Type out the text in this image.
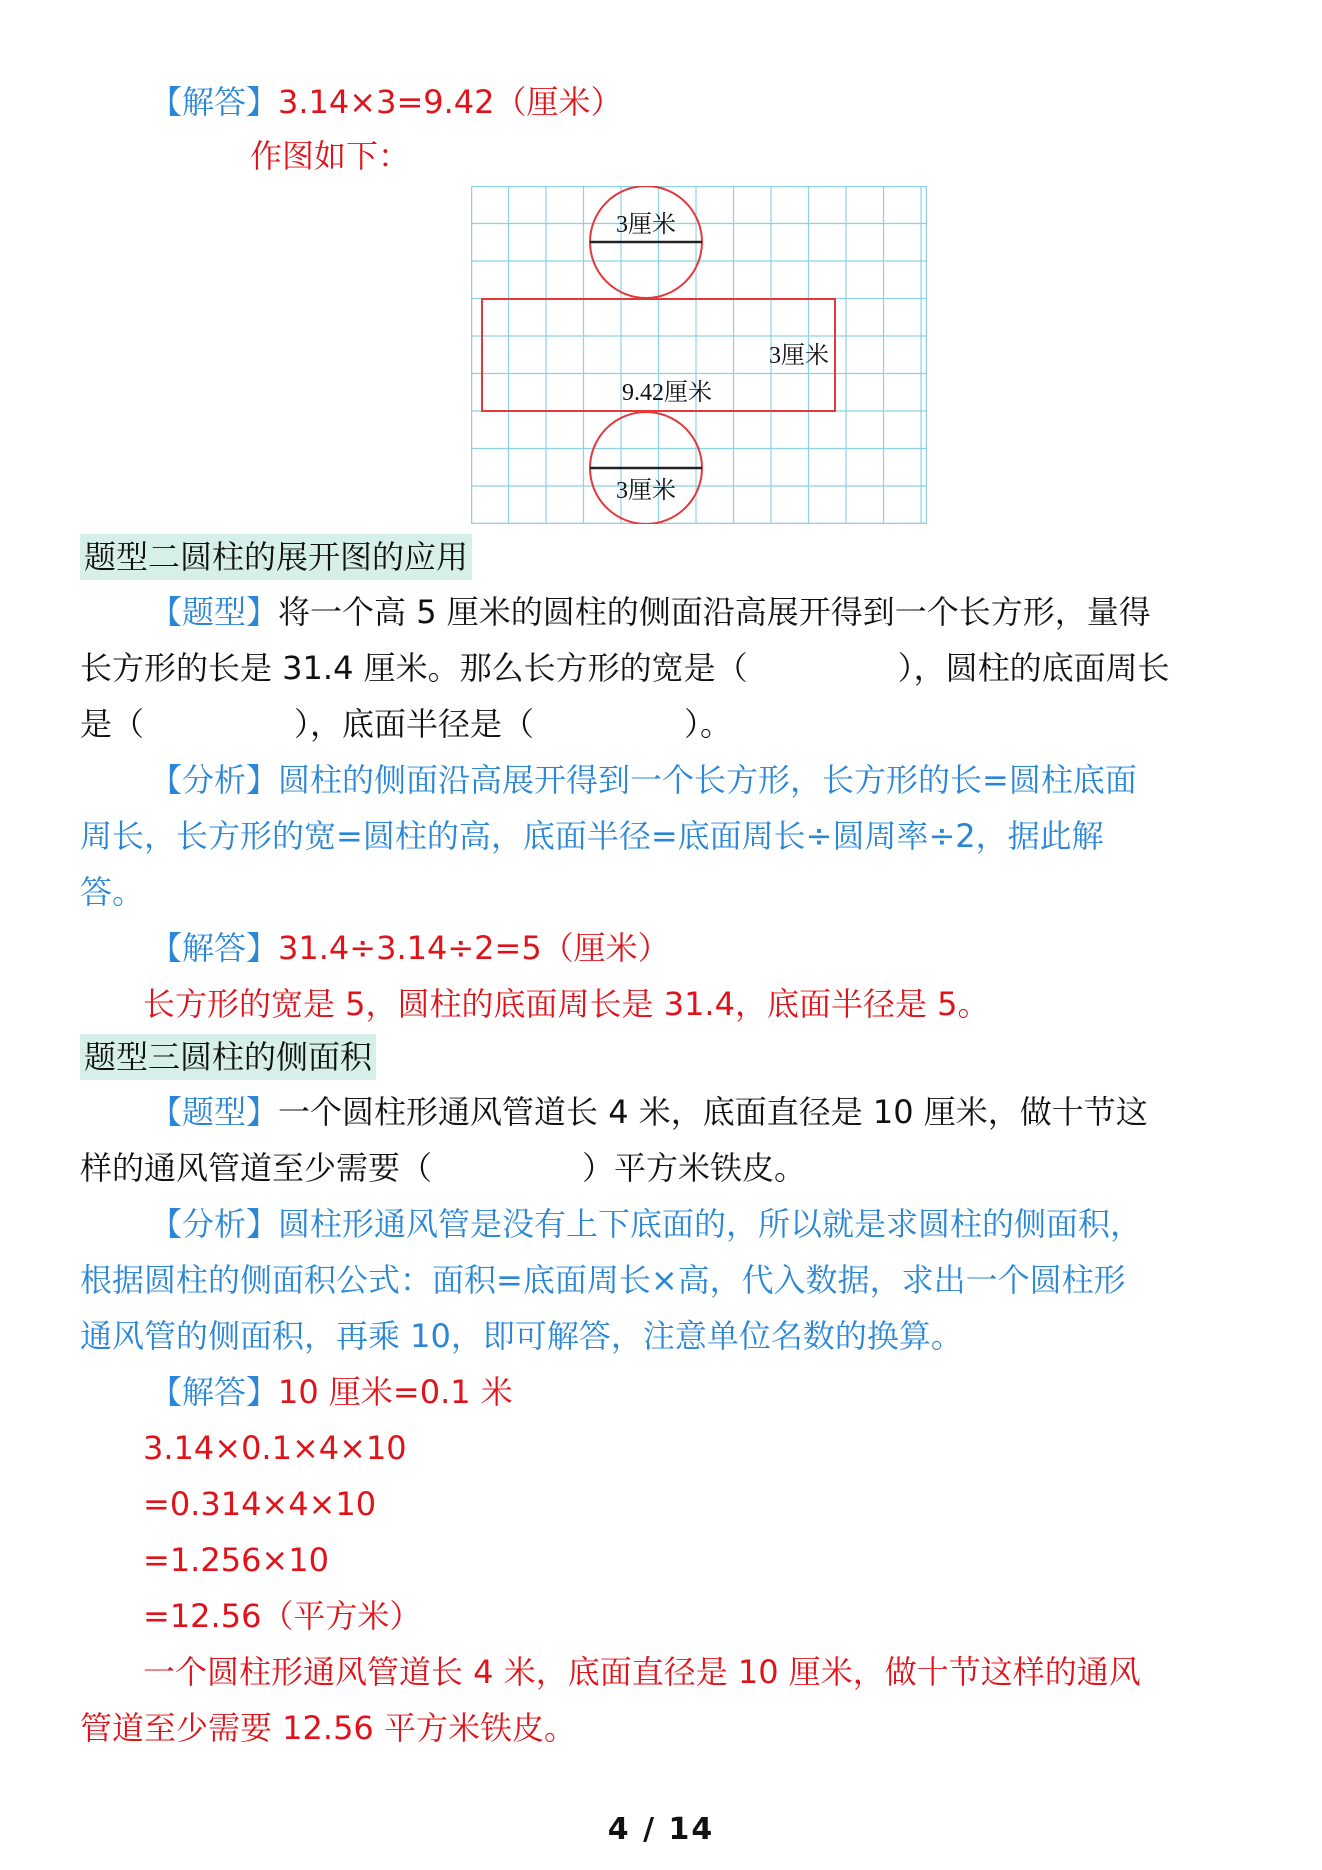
【解答】3.14×3=9.42（厘米）
作图如下：
3厘米
3厘米
9.42厘米
3厘米
题型二圆柱的展开图的应用
【题型】将一个高 5 厘米的圆柱的侧面沿高展开得到一个长方形，量得
长方形的长是 31.4 厘米。那么长方形的宽是（	），圆柱的底面周长
是（	），底面半径是（	）。
【分析】圆柱的侧面沿高展开得到一个长方形，长方形的长=圆柱底面
周长，长方形的宽=圆柱的高，底面半径=底面周长÷圆周率÷2，据此解
答。
【解答】31.4÷3.14÷2=5（厘米）
长方形的宽是 5，圆柱的底面周长是 31.4，底面半径是 5。
题型三圆柱的侧面积
【题型】一个圆柱形通风管道长 4 米，底面直径是 10 厘米，做十节这
样的通风管道至少需要（	）平方米铁皮。
【分析】圆柱形通风管是没有上下底面的，所以就是求圆柱的侧面积，
根据圆柱的侧面积公式：面积=底面周长×高，代入数据，求出一个圆柱形
通风管的侧面积，再乘 10，即可解答，注意单位名数的换算。
【解答】10 厘米=0.1 米
3.14×0.1×4×10
=0.314×4×10
=1.256×10
=12.56（平方米）
一个圆柱形通风管道长 4 米，底面直径是 10 厘米，做十节这样的通风
管道至少需要 12.56 平方米铁皮。
4 / 14
